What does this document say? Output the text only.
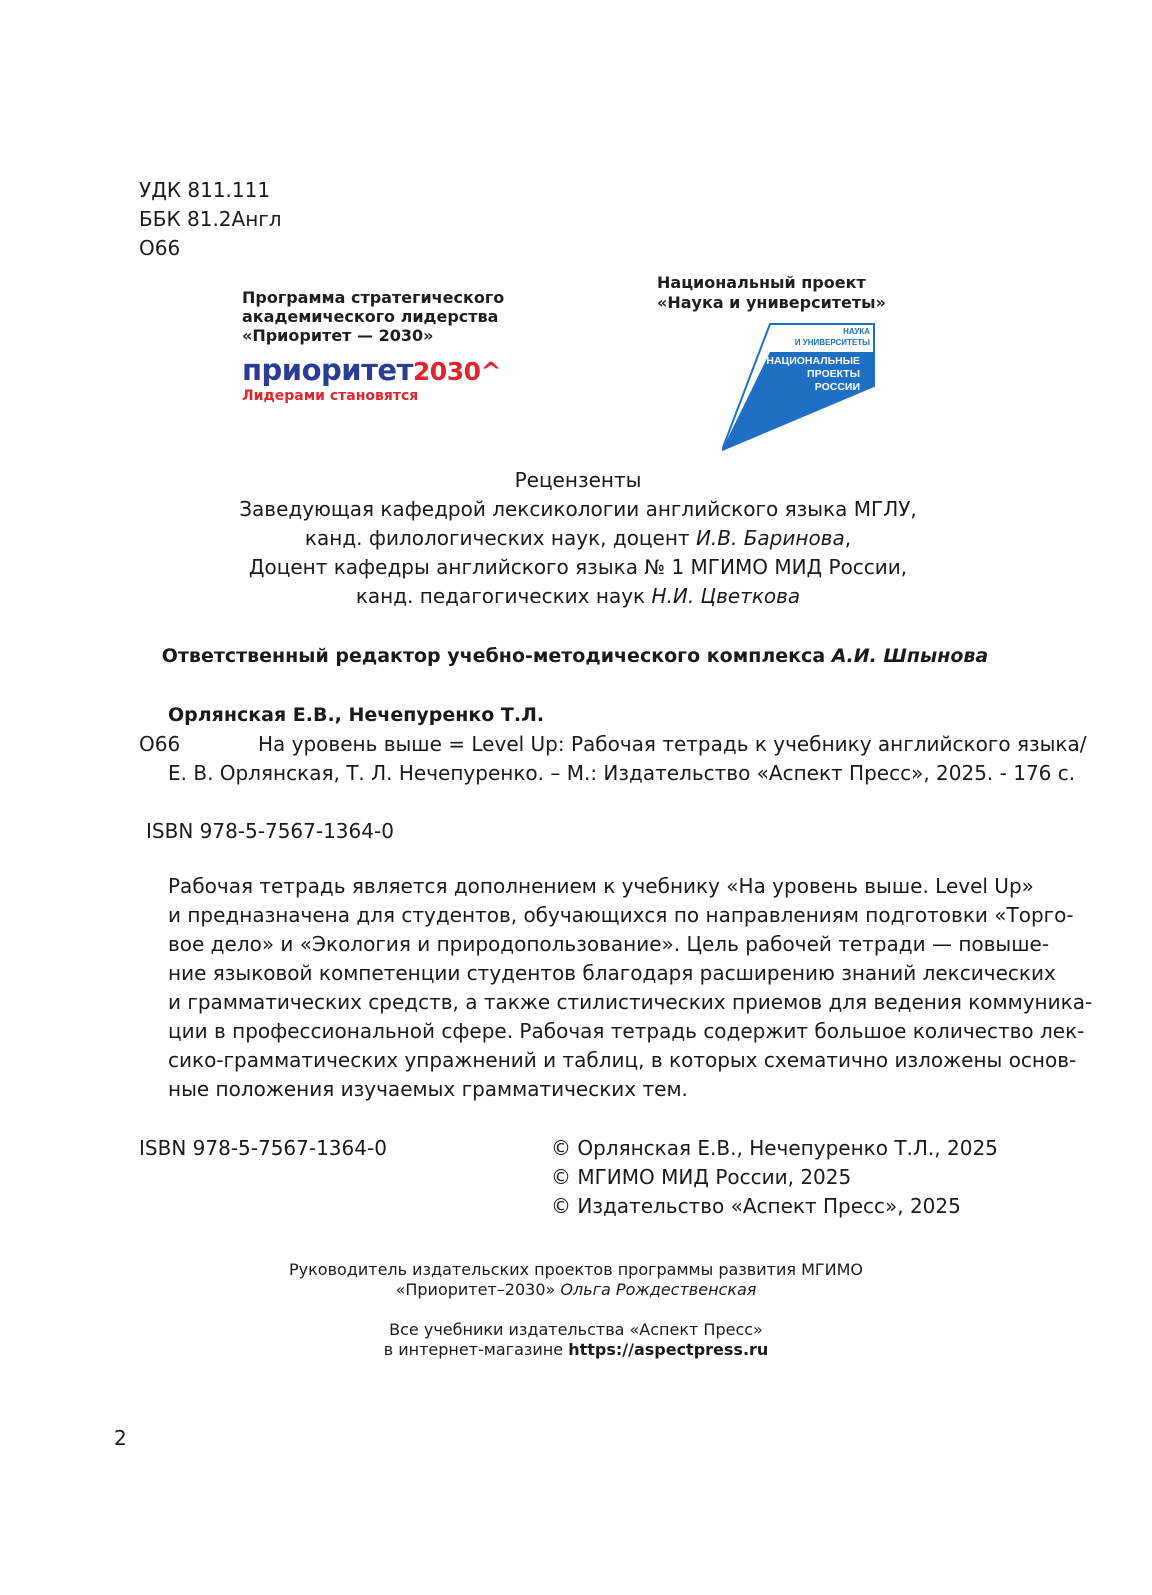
УДК 811.111
ББК 81.2Англ
О66
Программа стратегического
академического лидерства
«Приоритет — 2030»
приоритет2030^
Лидерами становятся
Национальный проект
«Наука и университеты»
НАУКА
И УНИВЕРСИТЕТЫ
НАЦИОНАЛЬНЫЕ
ПРОЕКТЫ
РОССИИ
Рецензенты
Заведующая кафедрой лексикологии английского языка МГЛУ,
канд. филологических наук, доцент И.В. Баринова,
Доцент кафедры английского языка № 1 МГИМО МИД России,
канд. педагогических наук Н.И. Цветкова
Ответственный редактор учебно-методического комплекса А.И. Шпынова
Орлянская Е.В., Нечепуренко Т.Л.
О66	На уровень выше = Level Up: Рабочая тетрадь к учебнику английского языка/
Е. В. Орлянская, Т. Л. Нечепуренко. – М.: Издательство «Аспект Пресс», 2025. - 176 с.
ISBN 978-5-7567-1364-0
Рабочая тетрадь является дополнением к учебнику «На уровень выше. Level Up»
и предназначена для студентов, обучающихся по направлениям подготовки «Торго-
вое дело» и «Экология и природопользование». Цель рабочей тетради — повыше-
ние языковой компетенции студентов благодаря расширению знаний лексических
и грамматических средств, а также стилистических приемов для ведения коммуника-
ции в профессиональной сфере. Рабочая тетрадь содержит большое количество лек-
сико-грамматических упражнений и таблиц, в которых схематично изложены основ-
ные положения изучаемых грамматических тем.
ISBN 978-5-7567-1364-0	© Орлянская Е.В., Нечепуренко Т.Л., 2025
© МГИМО МИД России, 2025
© Издательство «Аспект Пресс», 2025
Руководитель издательских проектов программы развития МГИМО
«Приоритет–2030» Ольга Рождественская
Все учебники издательства «Аспект Пресс»
в интернет-магазине https://aspectpress.ru
2
